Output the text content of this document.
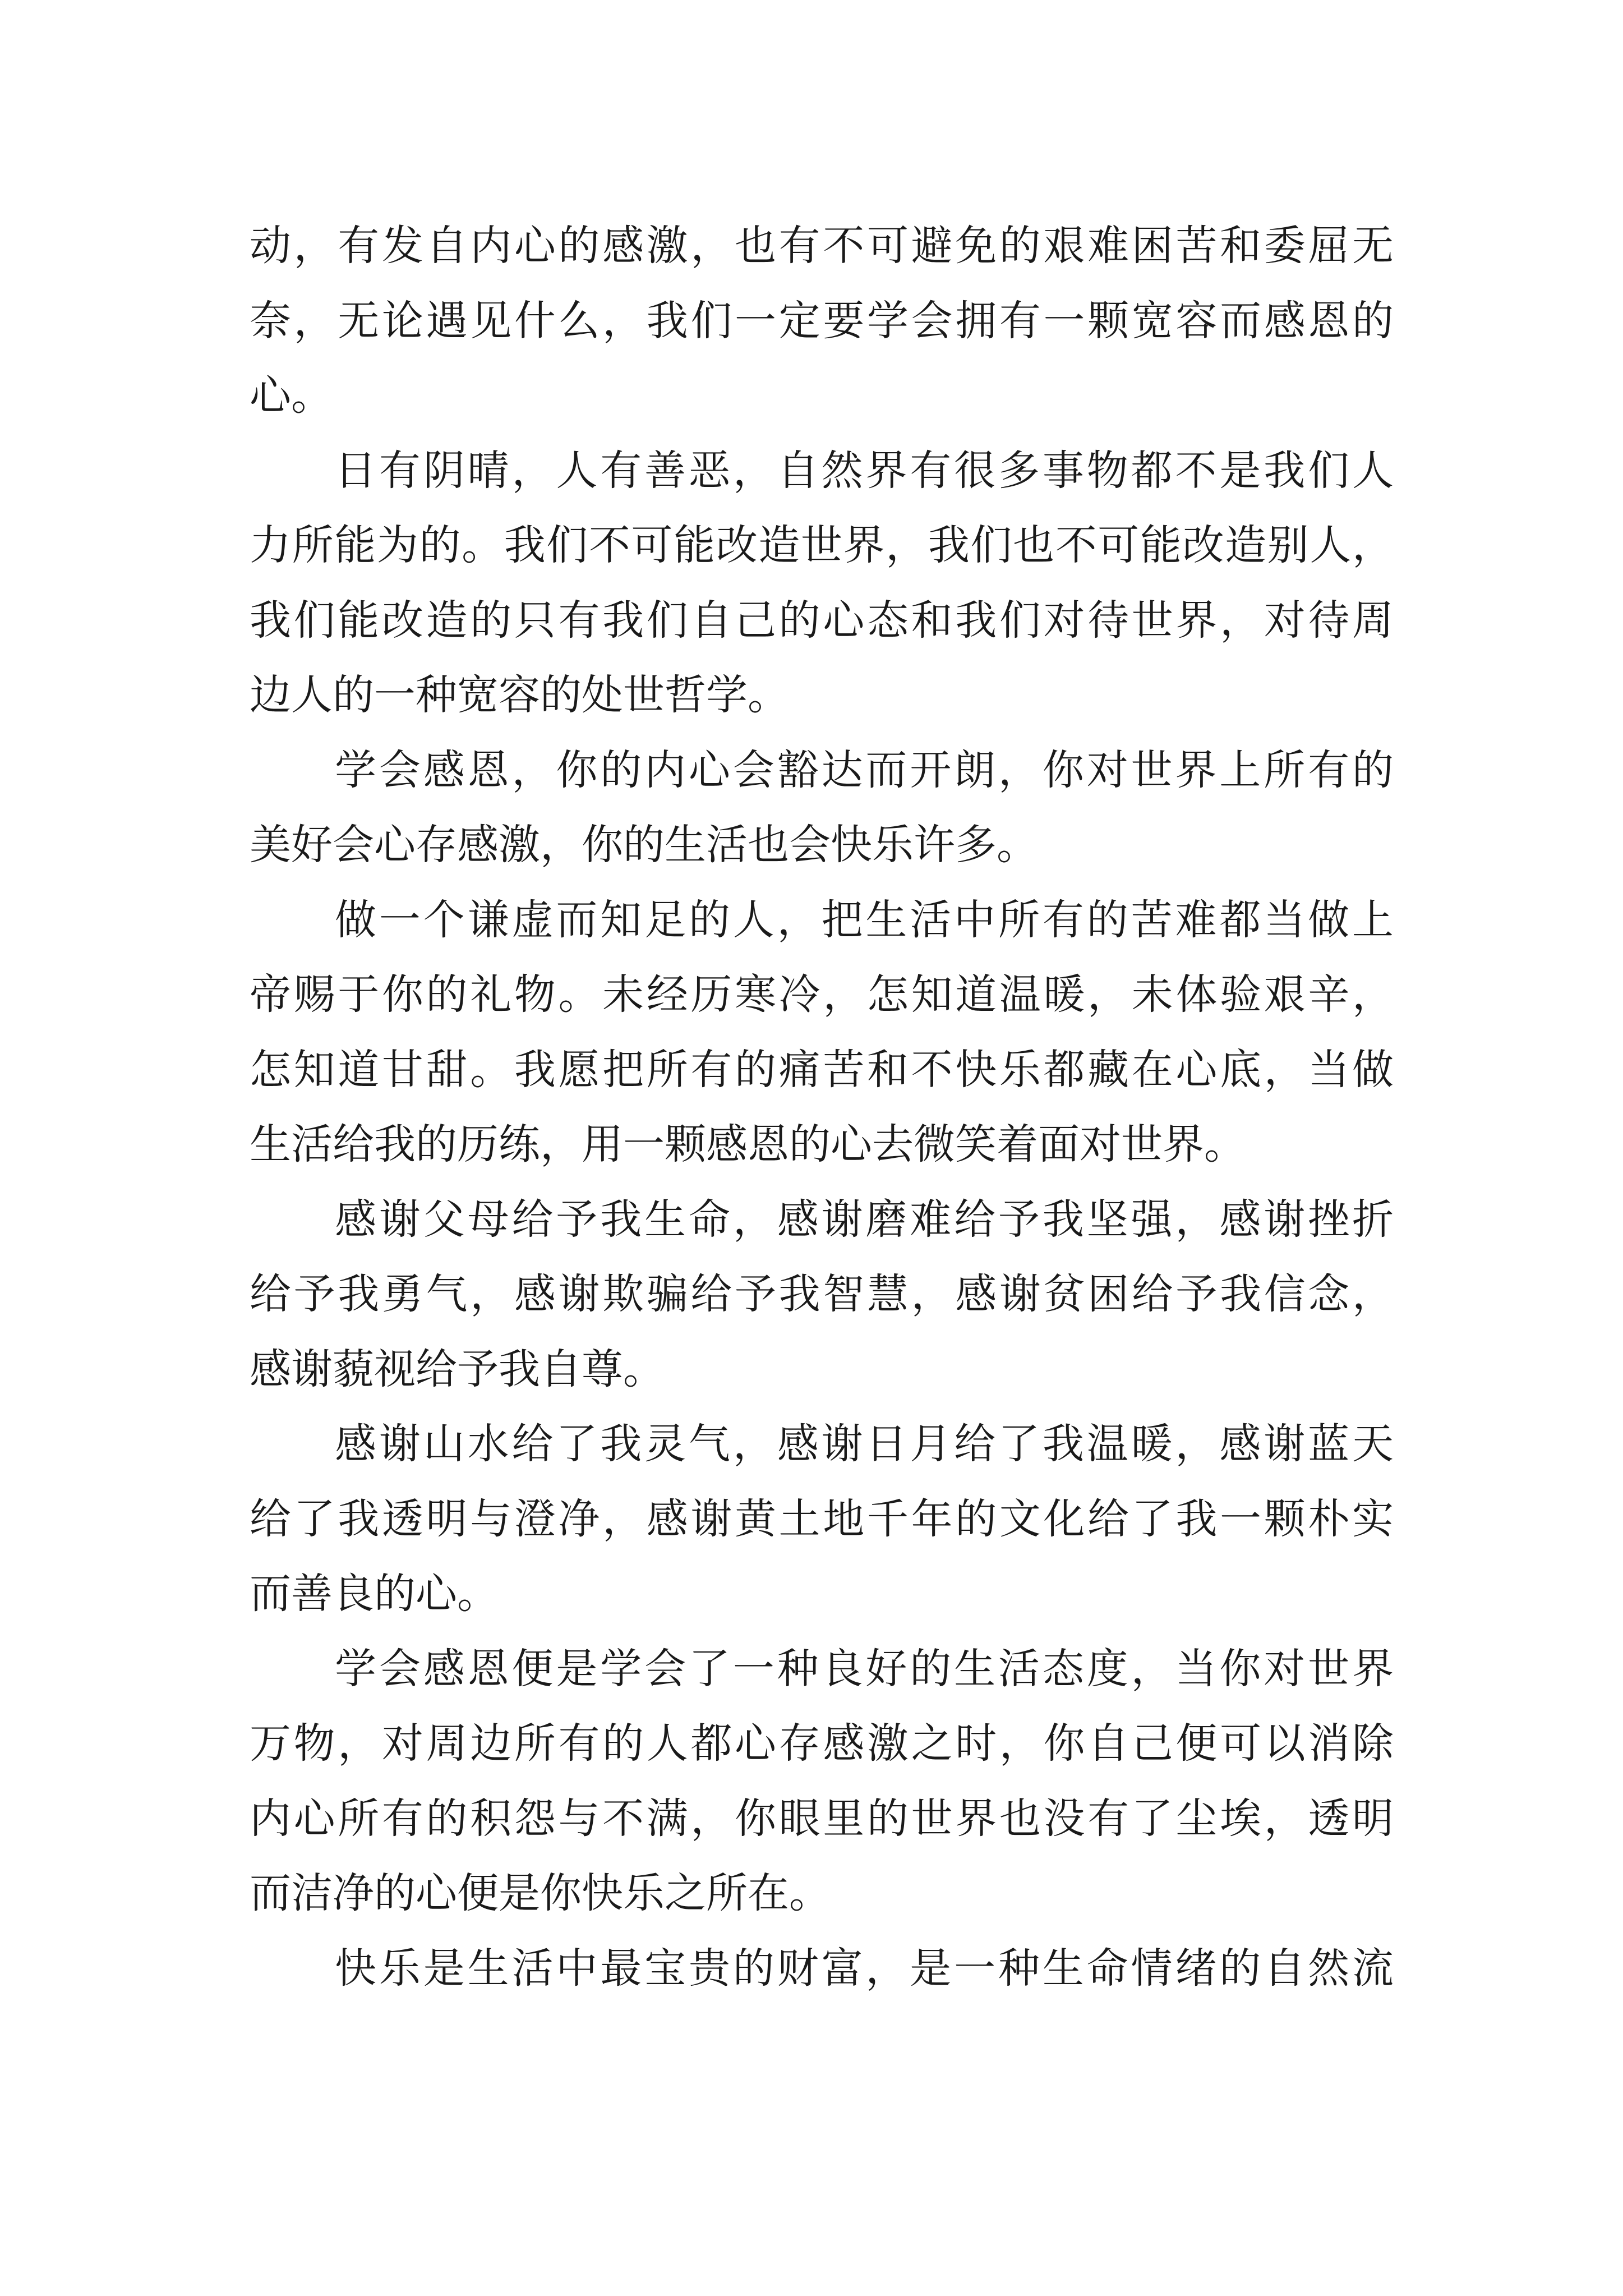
动，有发自内心的感激，也有不可避免的艰难困苦和委屈无
奈，无论遇见什么，我们一定要学会拥有一颗宽容而感恩的
心。
日有阴晴，人有善恶，自然界有很多事物都不是我们人
力所能为的。我们不可能改造世界，我们也不可能改造别人，
我们能改造的只有我们自己的心态和我们对待世界，对待周
边人的一种宽容的处世哲学。
学会感恩，你的内心会豁达而开朗，你对世界上所有的
美好会心存感激，你的生活也会快乐许多。
做一个谦虚而知足的人，把生活中所有的苦难都当做上
帝赐于你的礼物。未经历寒冷，怎知道温暖，未体验艰辛，
怎知道甘甜。我愿把所有的痛苦和不快乐都藏在心底，当做
生活给我的历练，用一颗感恩的心去微笑着面对世界。
感谢父母给予我生命，感谢磨难给予我坚强，感谢挫折
给予我勇气，感谢欺骗给予我智慧，感谢贫困给予我信念，
感谢藐视给予我自尊。
感谢山水给了我灵气，感谢日月给了我温暖，感谢蓝天
给了我透明与澄净，感谢黄土地千年的文化给了我一颗朴实
而善良的心。
学会感恩便是学会了一种良好的生活态度，当你对世界
万物，对周边所有的人都心存感激之时，你自己便可以消除
内心所有的积怨与不满，你眼里的世界也没有了尘埃，透明
而洁净的心便是你快乐之所在。
快乐是生活中最宝贵的财富，是一种生命情绪的自然流
